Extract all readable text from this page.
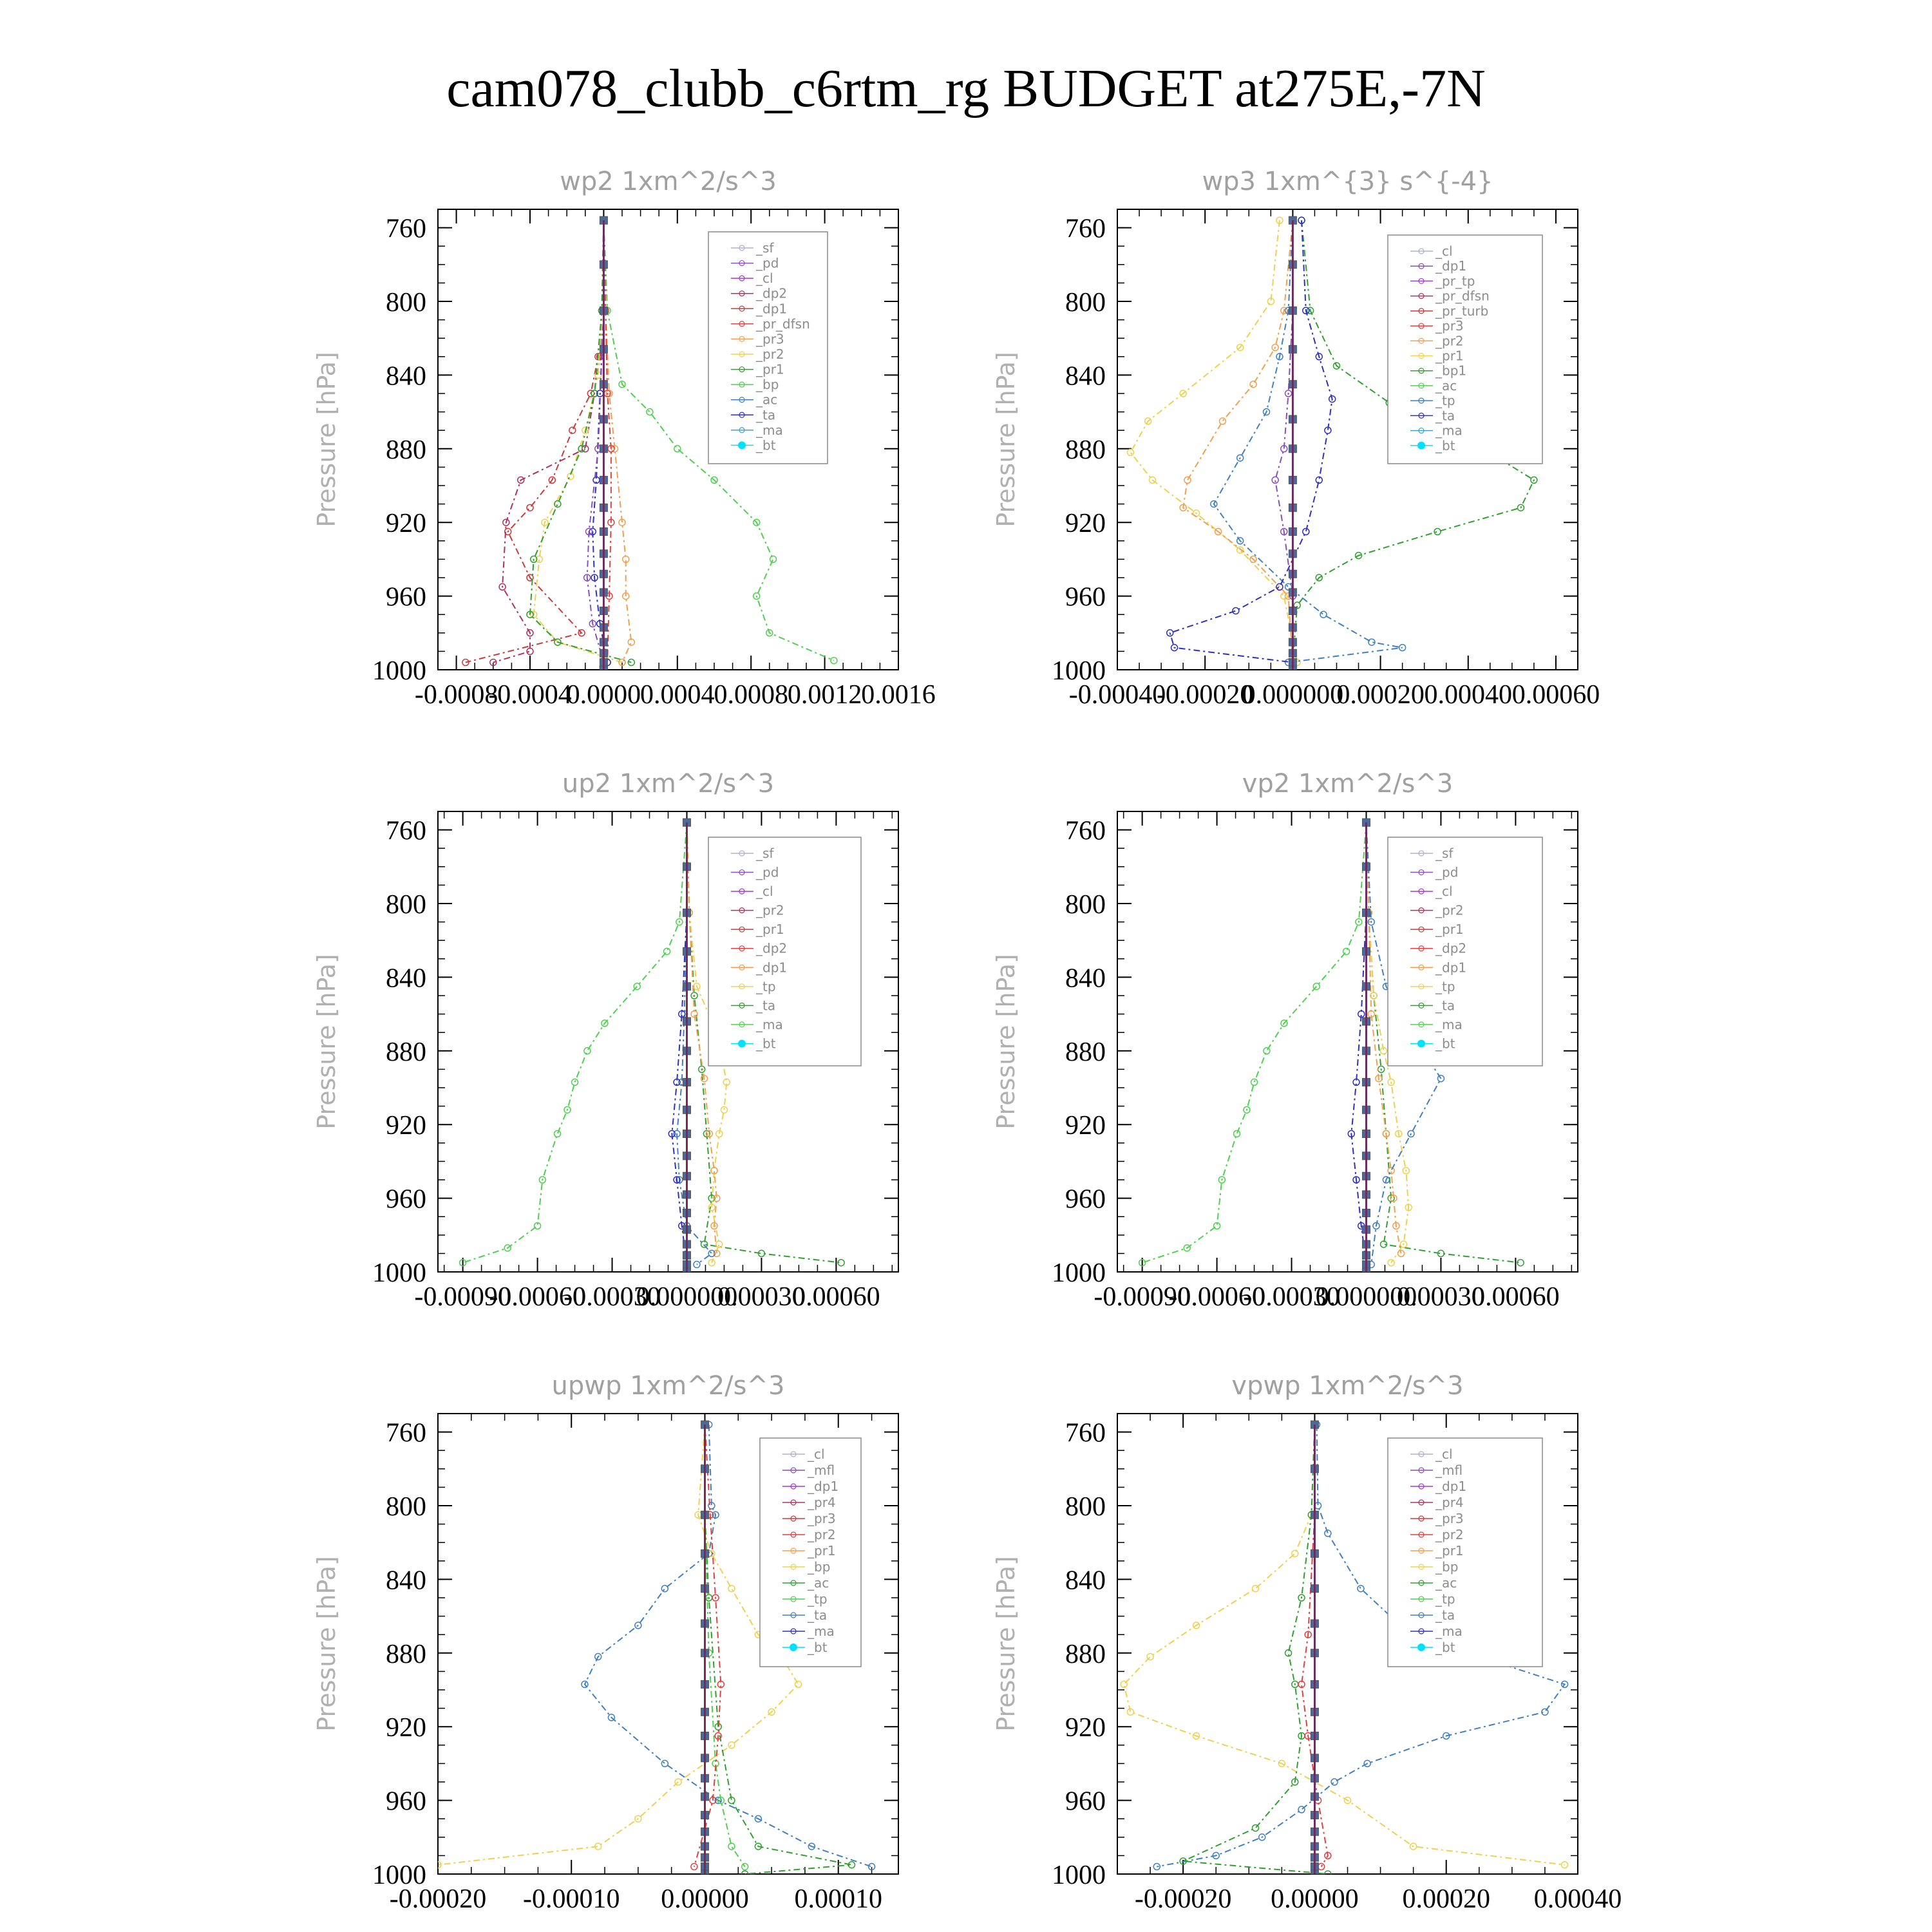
cam078_clubb_c6rtm_rg BUDGET at275E,-7N
wp2 1xm^2/s^3
Pressure [hPa]
760
800
840
880
920
960
1000
-0.0008
-0.0004
0.0000
0.0004
0.0008
0.0012
0.0016
_sf
_pd
_cl
_dp2
_dp1
_pr_dfsn
_pr3
_pr2
_pr1
_bp
_ac
_ta
_ma
_bt
wp3 1xm^{3} s^{-4}
Pressure [hPa]
760
800
840
880
920
960
1000
-0.00040
-0.00020
0.000000
0.00020 0.00040 0.00060
_cl
_dp1
_pr_tp
_pr_dfsn
_pr_turb
_pr3
_pr2
_pr1
_bp1
_ac
_tp
_ta
_ma
_bt
up2 1xm^2/s^3
Pressure [hPa]
760
800
840
880
920
960
1000
-0.00090
-0.00060
-0.00030
0.000000
0.00030
0.00060
_sf
_pd
_cl
_pr2
_pr1
_dp2
_dp1
_tp
_ta
_ma
_bt
vp2 1xm^2/s^3
Pressure [hPa]
760
800
840
880
920
960
1000
-0.00090
-0.00060
-0.00030
0.000000
0.00030
0.00060
_sf
_pd
_cl
_pr2
_pr1
_dp2
_dp1
_tp
_ta
_ma
_bt
upwp 1xm^2/s^3
Pressure [hPa]
760
800
840
880
920
960
1000
-0.00020 -0.00010 0.00000 0.00010
_cl
_mfl
_dp1
_pr4
_pr3
_pr2
_pr1
_bp
_ac
_tp
_ta
_ma
_bt
vpwp 1xm^2/s^3
Pressure [hPa]
760
800
840
880
920
960
1000
-0.00020 0.00000 0.00020 0.00040
_cl
_mfl
_dp1
_pr4
_pr3
_pr2
_pr1
_bp
_ac
_tp
_ta
_ma
_bt
